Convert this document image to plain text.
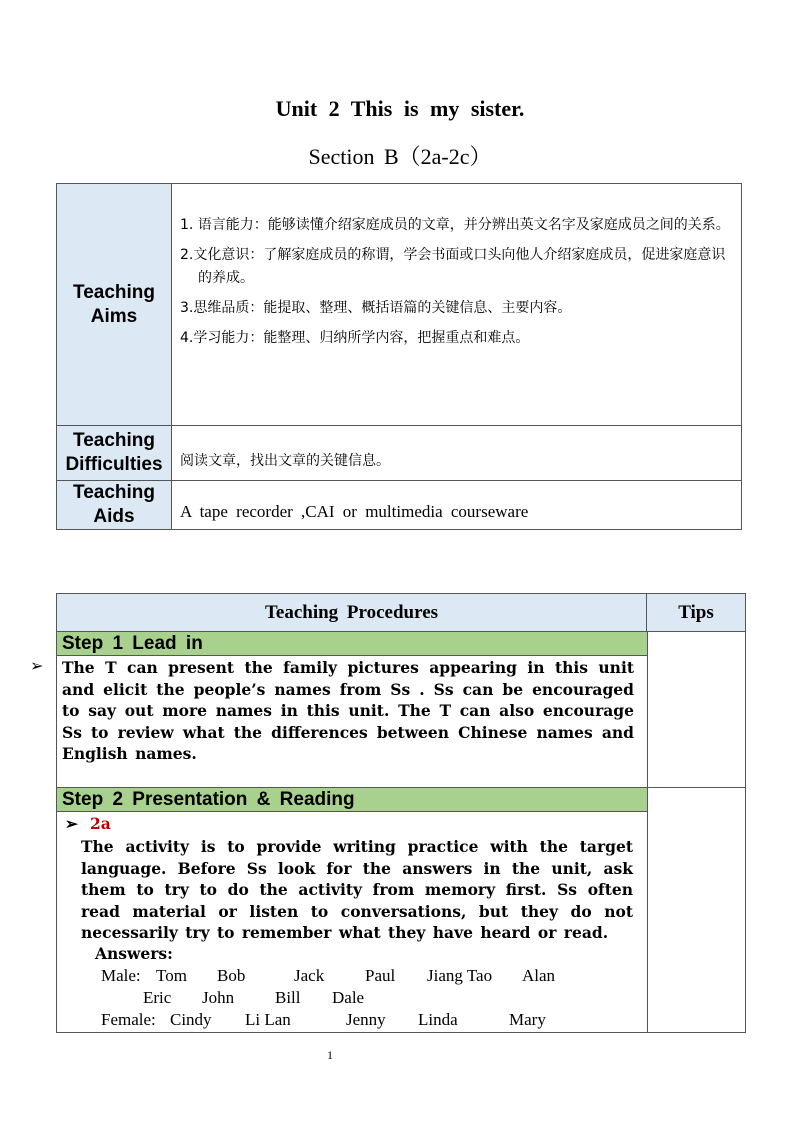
Unit 2 This is my sister.
Section B（2a-2c）
Teaching Aims

1. 语言能力：能够读懂介绍家庭成员的文章，并分辨出英文名字及家庭成员之间的关系。

2.文化意识：了解家庭成员的称谓，学会书面或口头向他人介绍家庭成员，促进家庭意识的养成。

3.思维品质：能提取、整理、概括语篇的关键信息、主要内容。

4.学习能力：能整理、归纳所学内容，把握重点和难点。

Teaching Difficulties	阅读文章，找出文章的关键信息。
Teaching Aids	A tape recorder ,CAI or multimedia courseware
Teaching Procedures	Tips
Step 1 Lead in
The T can present the family pictures appearing in this unit and elicit the people’s names from Ss . Ss can be encouraged to say out more names in this unit. The T can also encourage Ss to review what the differences between Chinese names and English names.
Step 2 Presentation & Reading
➢ 2a
The activity is to provide writing practice with the target language. Before Ss look for the answers in the unit, ask them to try to do the activity from memory first. Ss often read material or listen to conversations, but they do not necessarily try to remember what they have heard or read.
Answers:
Male: Tom Bob	Jack Paul Jiang Tao Alan
Eric John Bill Dale
Female: Cindy Li Lan	Jenny Linda	Mary
➢
1
